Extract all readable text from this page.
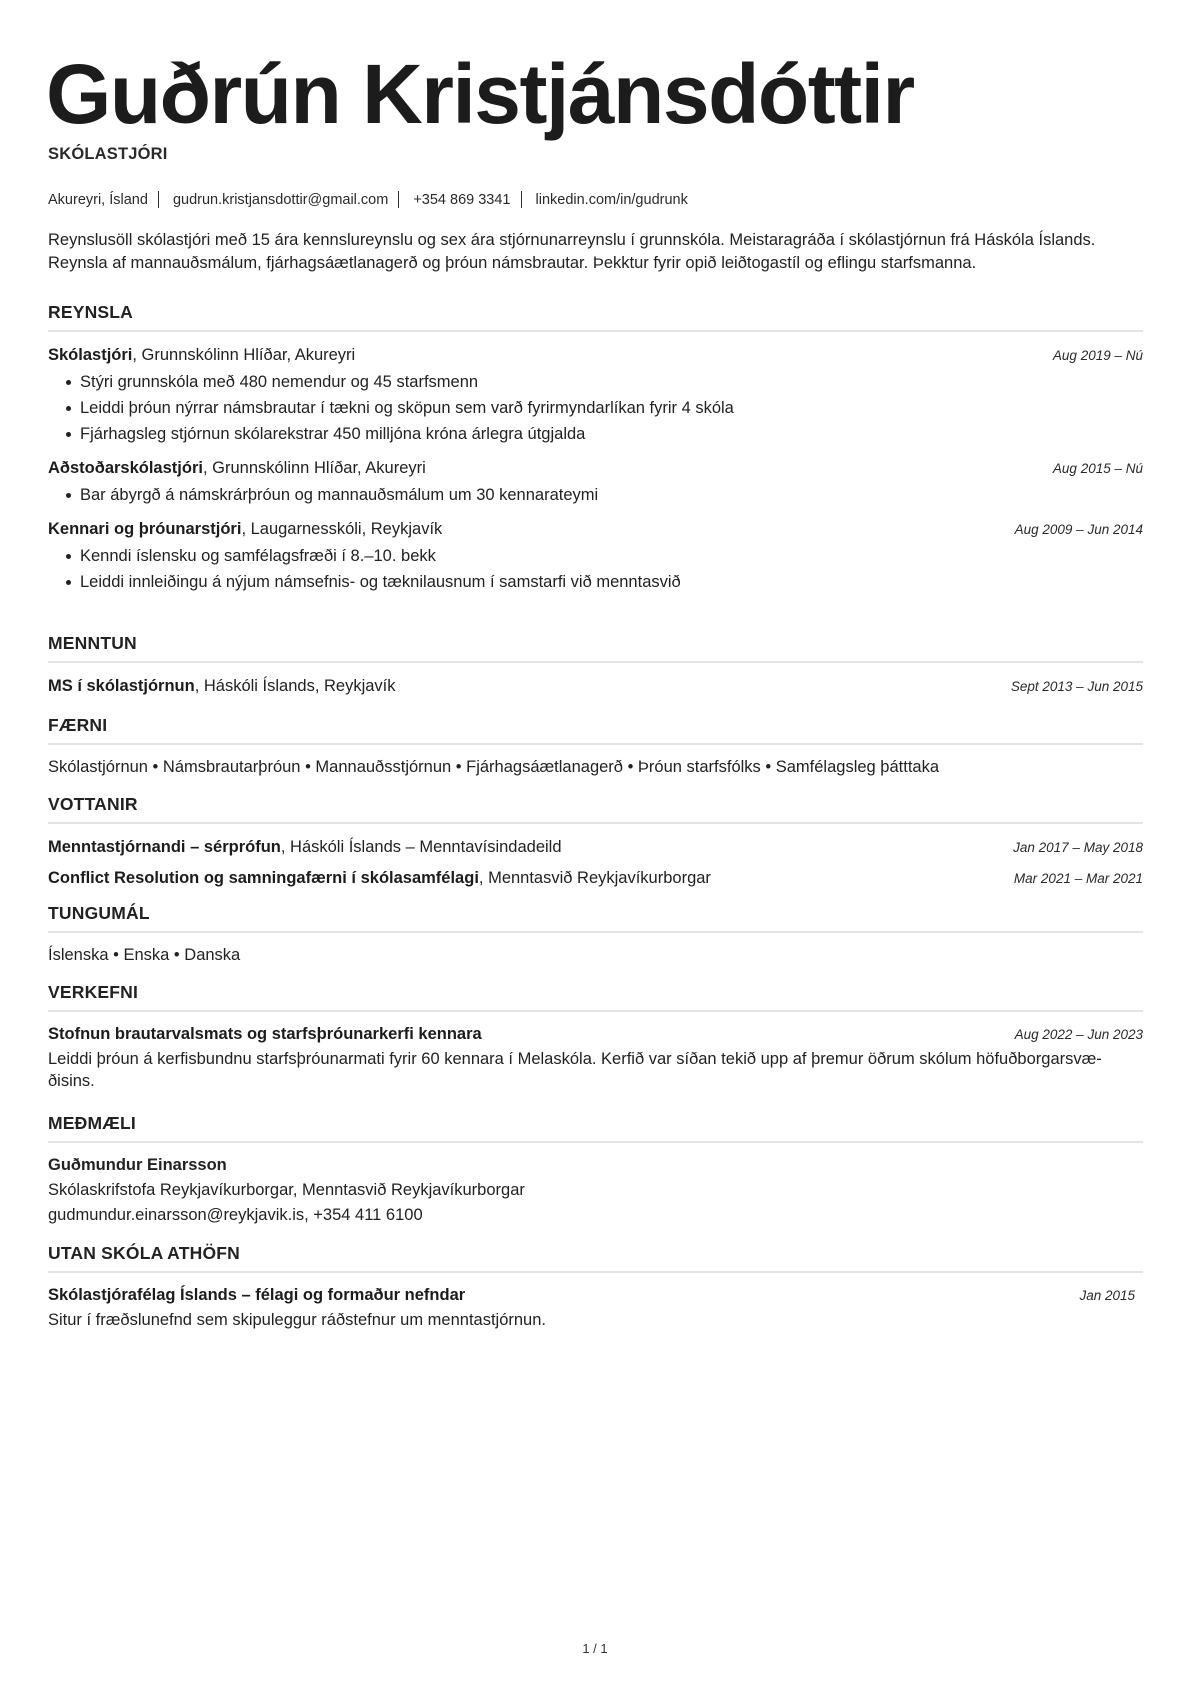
Guðrún Kristjánsdóttir
SKÓLASTJÓRI
Akureyri, Ísland gudrun.kristjansdottir@gmail.com +354 869 3341 linkedin.com/in/gudrunk
Reynslusöll skólastjóri með 15 ára kennslureynslu og sex ára stjórnunarreynslu í grunnskóla. Meistaragráða í skólastjórnun frá Háskóla Íslands. Reynsla af mannauðsmálum, fjárhagsáætlanagerð og þróun námsbrautar. Þekktur fyrir opið leiðtogastíl og eflingu starfsmanna.
REYNSLA
Skólastjóri, Grunnskólinn Hlíðar, Akureyri	Aug 2019 – Nú
Stýri grunnskóla með 480 nemendur og 45 starfsmenn
Leiddi þróun nýrrar námsbrautar í tækni og sköpun sem varð fyrirmyndarlíkan fyrir 4 skóla
Fjárhagsleg stjórnun skólarekstrar 450 milljóna króna árlegra útgjalda
Aðstoðarskólastjóri, Grunnskólinn Hlíðar, Akureyri	Aug 2015 – Nú
Bar ábyrgð á námskrárþróun og mannauðsmálum um 30 kennarateymi
Kennari og þróunarstjóri, Laugarnesskóli, Reykjavík	Aug 2009 – Jun 2014
Kenndi íslensku og samfélagsfræði í 8.–10. bekk
Leiddi innleiðingu á nýjum námsefnis- og tæknilausnum í samstarfi við menntasvið
MENNTUN
MS í skólastjórnun, Háskóli Íslands, Reykjavík	Sept 2013 – Jun 2015
FÆRNI
Skólastjórnun • Námsbrautarþróun • Mannauðsstjórnun • Fjárhagsáætlanagerð • Þróun starfsfólks • Samfélagsleg þátttaka
VOTTANIR
Menntastjórnandi – sérprófun, Háskóli Íslands – Menntavísindadeild	Jan 2017 – May 2018
Conflict Resolution og samningafærni í skólasamfélagi, Menntasvið Reykjavíkurborgar	Mar 2021 – Mar 2021
TUNGUMÁL
Íslenska • Enska • Danska
VERKEFNI
Stofnun brautarvalsmats og starfsþróunarkerfi kennara	Aug 2022 – Jun 2023
Leiddi þróun á kerfisbundnu starfsþróunarmati fyrir 60 kennara í Melaskóla. Kerfið var síðan tekið upp af þremur öðrum skólum höfuðborgarsvæ-ðisins.
MEÐMÆLI
Guðmundur Einarsson
Skólaskrifstofa Reykjavíkurborgar, Menntasvið Reykjavíkurborgar
gudmundur.einarsson@reykjavik.is, +354 411 6100
UTAN SKÓLA ATHÖFN
Skólastjórafélag Íslands – félagi og formaður nefndar	Jan 2015
Situr í fræðslunefnd sem skipuleggur ráðstefnur um menntastjórnun.
1 / 1
